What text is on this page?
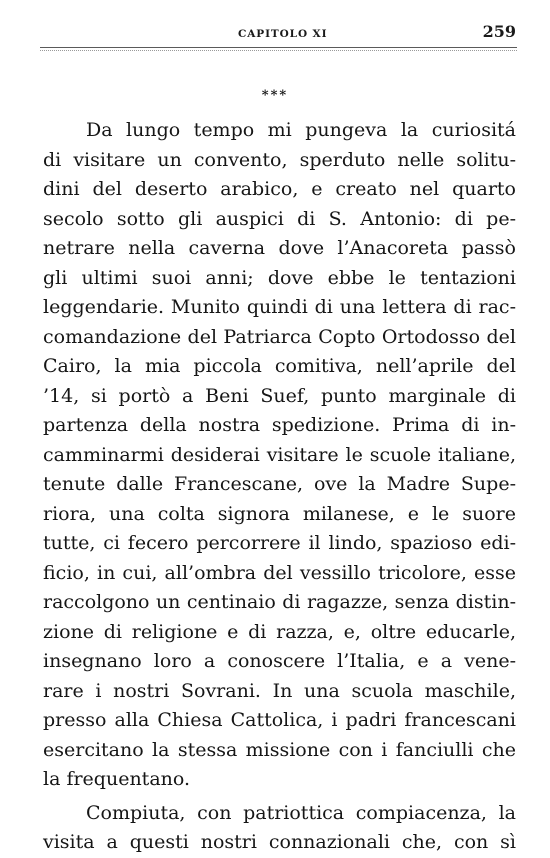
CAPITOLO XI	259
***
Da lungo tempo mi pungeva la curiositá
di visitare un convento, sperduto nelle solitu-
dini del deserto arabico, e creato nel quarto
secolo sotto gli auspici di S. Antonio: di pe-
netrare nella caverna dove l’Anacoreta passò
gli ultimi suoi anni; dove ebbe le tentazioni
leggendarie. Munito quindi di una lettera di rac-
comandazione del Patriarca Copto Ortodosso del
Cairo, la mia piccola comitiva, nell’aprile del
’14, si portò a Beni Suef, punto marginale di
partenza della nostra spedizione. Prima di in-
camminarmi desiderai visitare le scuole italiane,
tenute dalle Francescane, ove la Madre Supe-
riora, una colta signora milanese, e le suore
tutte, ci fecero percorrere il lindo, spazioso edi-
ficio, in cui, all’ombra del vessillo tricolore, esse
raccolgono un centinaio di ragazze, senza distin-
zione di religione e di razza, e, oltre educarle,
insegnano loro a conoscere l’Italia, e a vene-
rare i nostri Sovrani. In una scuola maschile,
presso alla Chiesa Cattolica, i padri francescani
esercitano la stessa missione con i fanciulli che
la frequentano.
Compiuta, con patriottica compiacenza, la
visita a questi nostri connazionali che, con sì
